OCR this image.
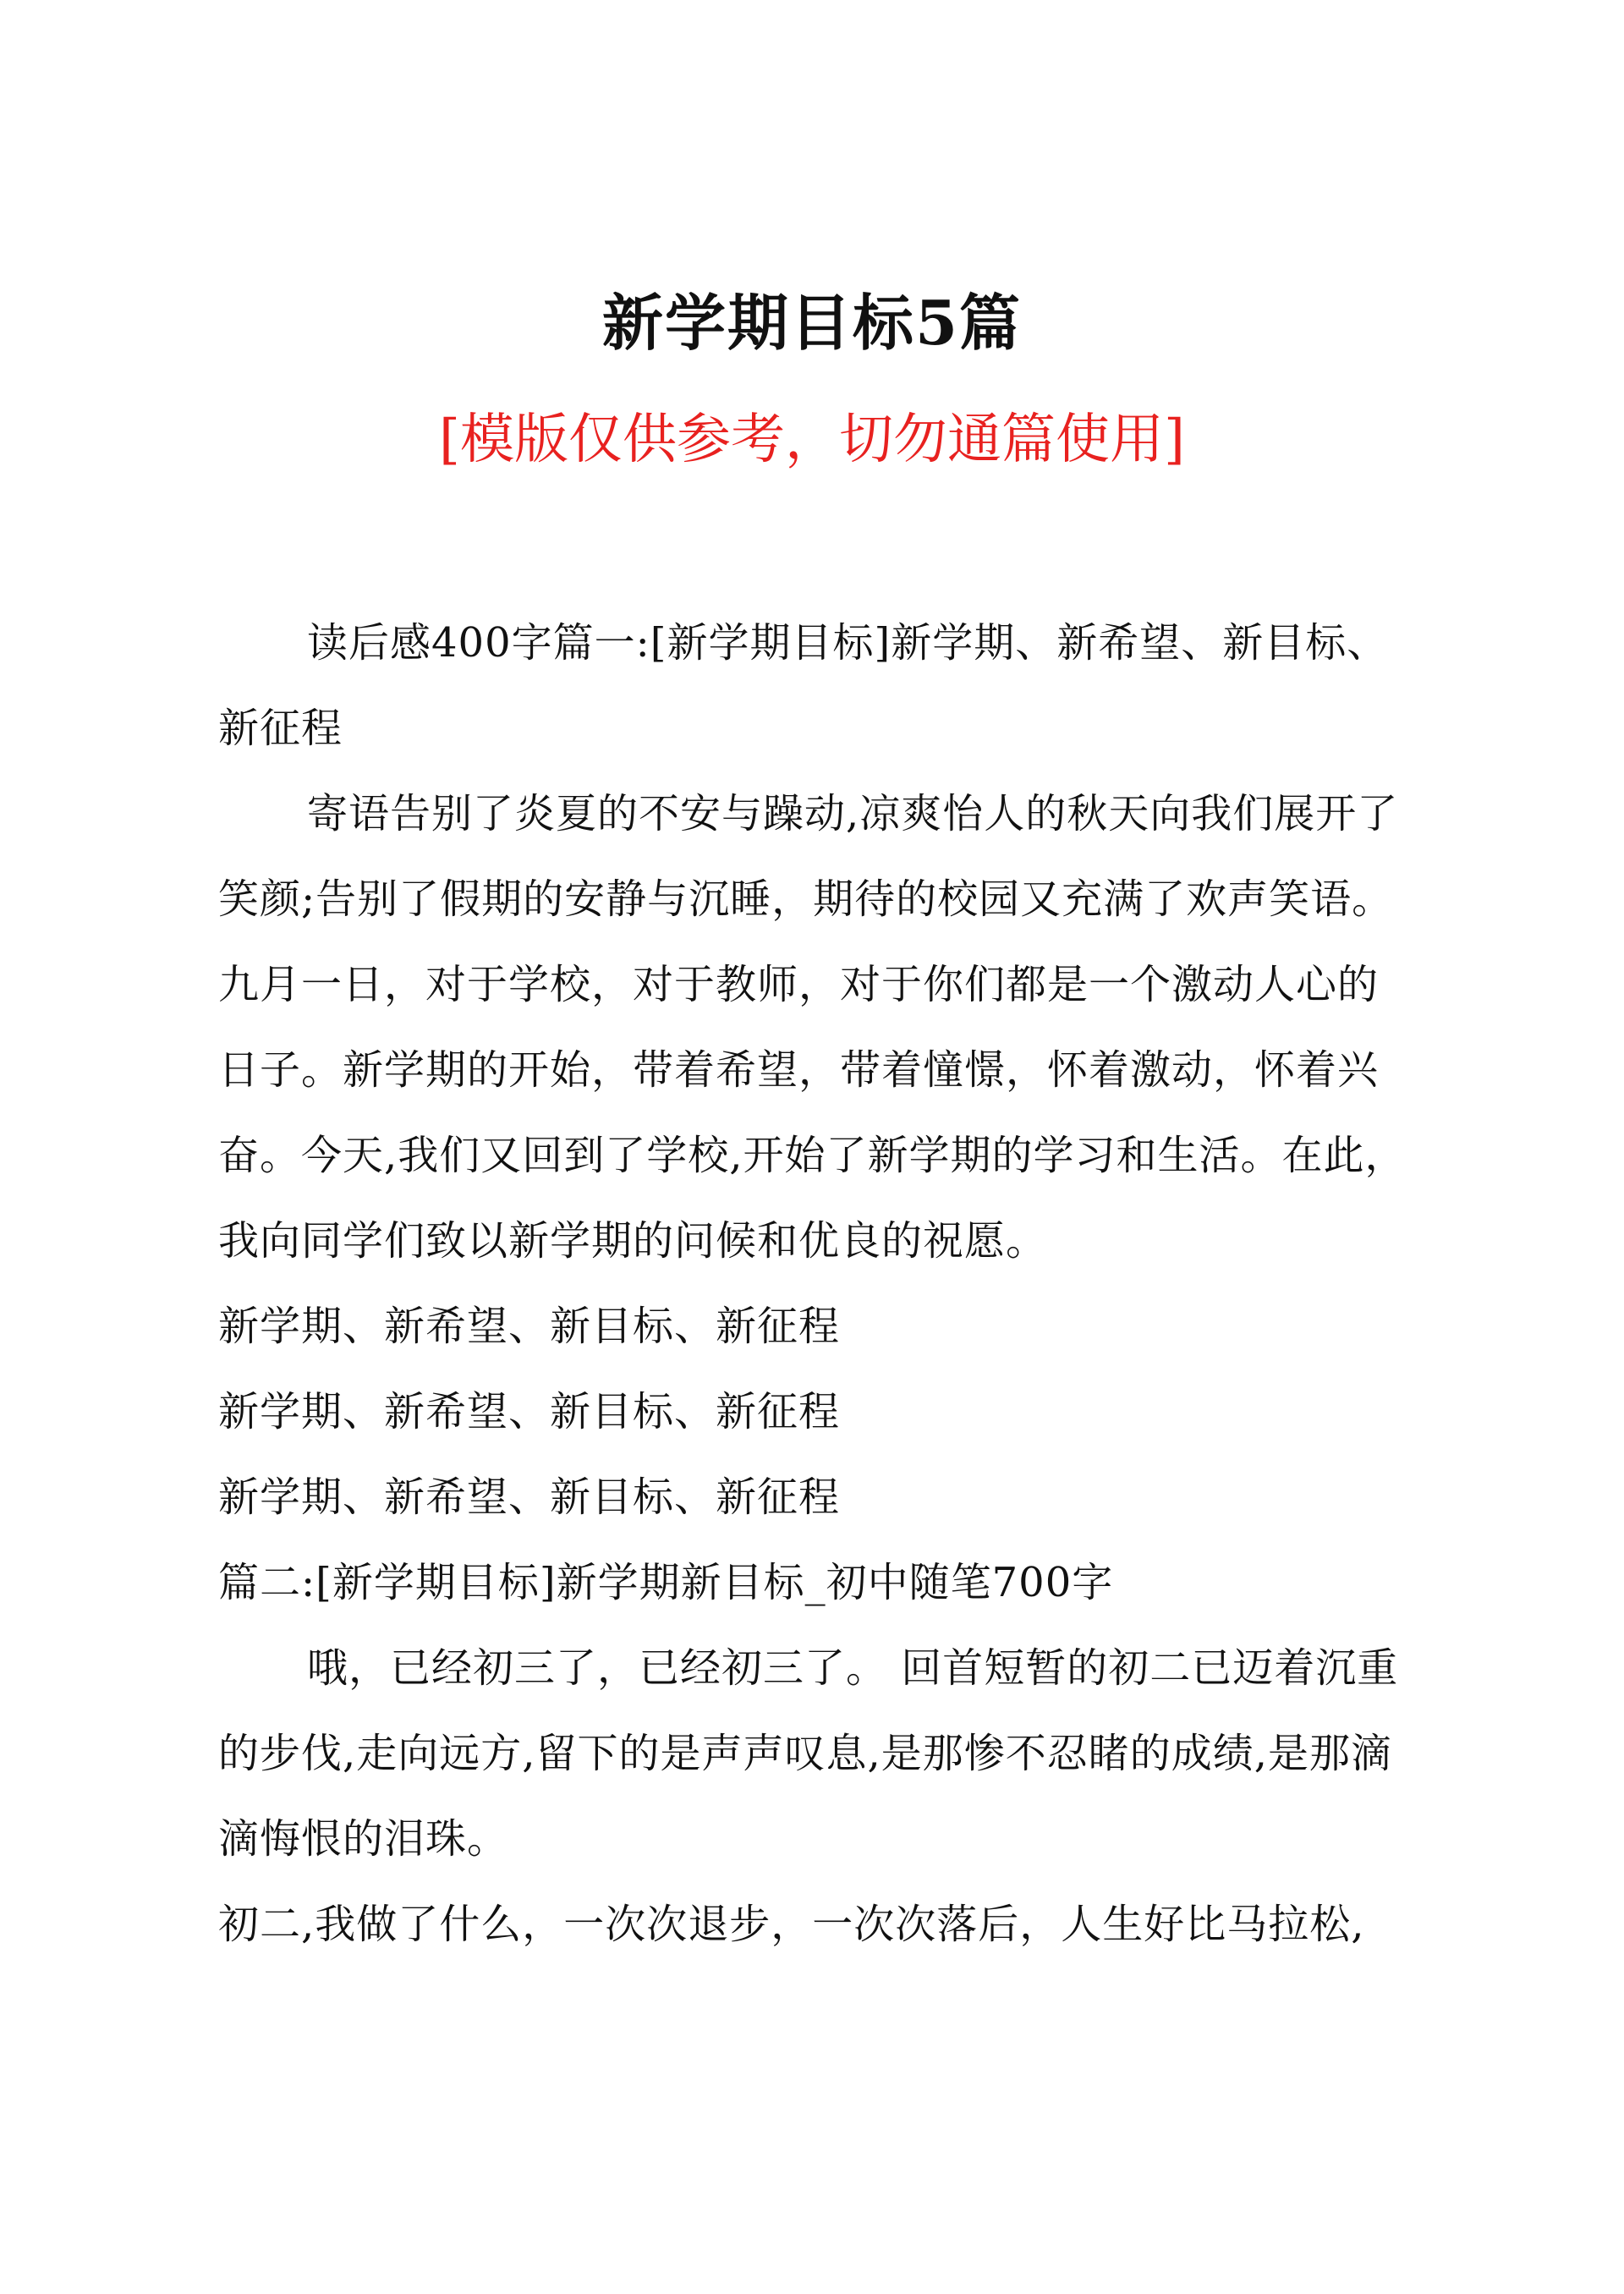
新学期目标5篇
[模版仅供参考，切勿通篇使用]

读后感400字篇一:[新学期目标]新学期、新希望、新目标、新征程

寄语告别了炎夏的不安与躁动,凉爽怡人的秋天向我们展开了笑颜;告别了假期的安静与沉睡，期待的校园又充满了欢声笑语。九月一日，对于学校，对于教师，对于你们都是一个激动人心的日子。新学期的开始，带着希望，带着憧憬，怀着激动，怀着兴奋。今天,我们又回到了学校,开始了新学期的学习和生活。在此，我向同学们致以新学期的问候和优良的祝愿。

新学期、新希望、新目标、新征程

新学期、新希望、新目标、新征程

新学期、新希望、新目标、新征程

篇二:[新学期目标]新学期新目标_初中随笔700字

哦，已经初三了，已经初三了。 回首短暂的初二已迈着沉重的步伐,走向远方,留下的是声声叹息,是那惨不忍睹的成绩,是那滴滴悔恨的泪珠。

初二,我做了什么，一次次退步，一次次落后，人生好比马拉松,
